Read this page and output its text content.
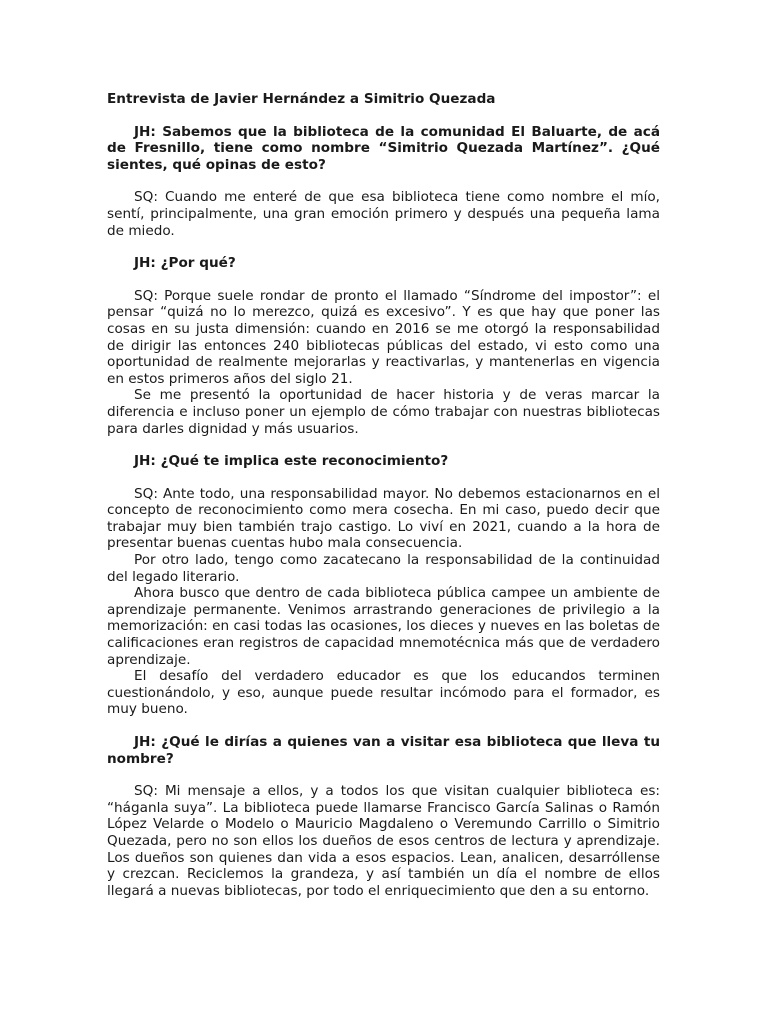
Entrevista de Javier Hernández a Simitrio Quezada

JH: Sabemos que la biblioteca de la comunidad El Baluarte, de acá de Fresnillo, tiene como nombre “Simitrio Quezada Martínez”. ¿Qué sientes, qué opinas de esto?

SQ: Cuando me enteré de que esa biblioteca tiene como nombre el mío, sentí, principalmente, una gran emoción primero y después una pequeña lama de miedo.

JH: ¿Por qué?

SQ: Porque suele rondar de pronto el llamado “Síndrome del impostor”: el pensar “quizá no lo merezco, quizá es excesivo”. Y es que hay que poner las cosas en su justa dimensión: cuando en 2016 se me otorgó la responsabilidad de dirigir las entonces 240 bibliotecas públicas del estado, vi esto como una oportunidad de realmente mejorarlas y reactivarlas, y mantenerlas en vigencia en estos primeros años del siglo 21.

Se me presentó la oportunidad de hacer historia y de veras marcar la diferencia e incluso poner un ejemplo de cómo trabajar con nuestras bibliotecas para darles dignidad y más usuarios.

JH: ¿Qué te implica este reconocimiento?

SQ: Ante todo, una responsabilidad mayor. No debemos estacionarnos en el concepto de reconocimiento como mera cosecha. En mi caso, puedo decir que trabajar muy bien también trajo castigo. Lo viví en 2021, cuando a la hora de presentar buenas cuentas hubo mala consecuencia.

Por otro lado, tengo como zacatecano la responsabilidad de la continuidad del legado literario.

Ahora busco que dentro de cada biblioteca pública campee un ambiente de aprendizaje permanente. Venimos arrastrando generaciones de privilegio a la memorización: en casi todas las ocasiones, los dieces y nueves en las boletas de calificaciones eran registros de capacidad mnemotécnica más que de verdadero aprendizaje.

El desafío del verdadero educador es que los educandos terminen cuestionándolo, y eso, aunque puede resultar incómodo para el formador, es muy bueno.

JH: ¿Qué le dirías a quienes van a visitar esa biblioteca que lleva tu nombre?

SQ: Mi mensaje a ellos, y a todos los que visitan cualquier biblioteca es: “háganla suya”. La biblioteca puede llamarse Francisco García Salinas o Ramón López Velarde o Modelo o Mauricio Magdaleno o Veremundo Carrillo o Simitrio Quezada, pero no son ellos los dueños de esos centros de lectura y aprendizaje. Los dueños son quienes dan vida a esos espacios. Lean, analicen, desarróllense y crezcan. Reciclemos la grandeza, y así también un día el nombre de ellos llegará a nuevas bibliotecas, por todo el enriquecimiento que den a su entorno.
